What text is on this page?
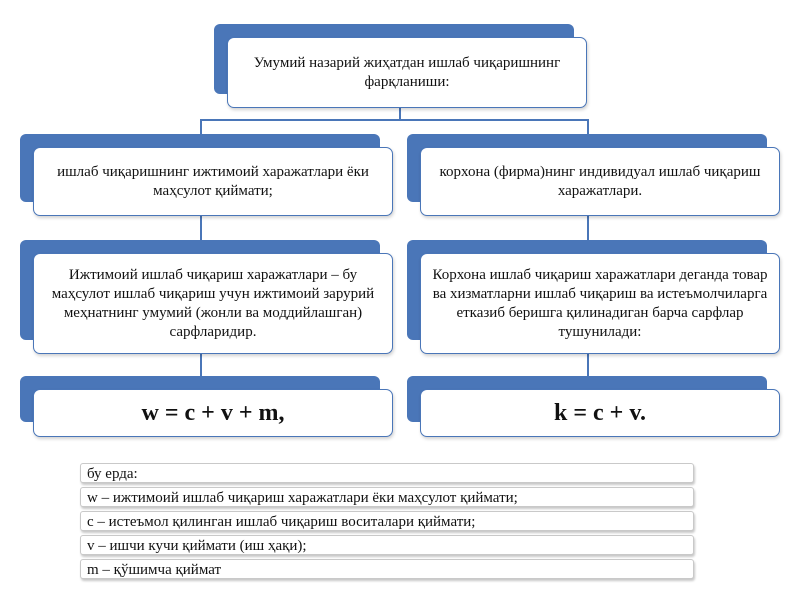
Умумий назарий жиҳатдан ишлаб чиқаришнинг фарқланиши:
ишлаб чиқаришнинг ижтимоий харажатлари ёки маҳсулот қиймати;
Ижтимоий ишлаб чиқариш харажатлари – бу маҳсулот ишлаб чиқариш учун ижтимоий зарурий меҳнатнинг умумий (жонли ва моддийлашган) сарфларидир.
w = c + v + m,
корхона (фирма)нинг индивидуал ишлаб чиқариш харажатлари.
Корхона ишлаб чиқариш харажатлари деганда товар ва хизматларни ишлаб чиқариш ва истеъмолчиларга етказиб беришга қилинадиган барча сарфлар тушунилади:
k = c + v.
бу ерда:
w – ижтимоий ишлаб чиқариш харажатлари ёки маҳсулот қиймати;
c – истеъмол қилинган ишлаб чиқариш воситалари қиймати;
v – ишчи кучи қиймати (иш ҳақи);
m – қўшимча қиймат
